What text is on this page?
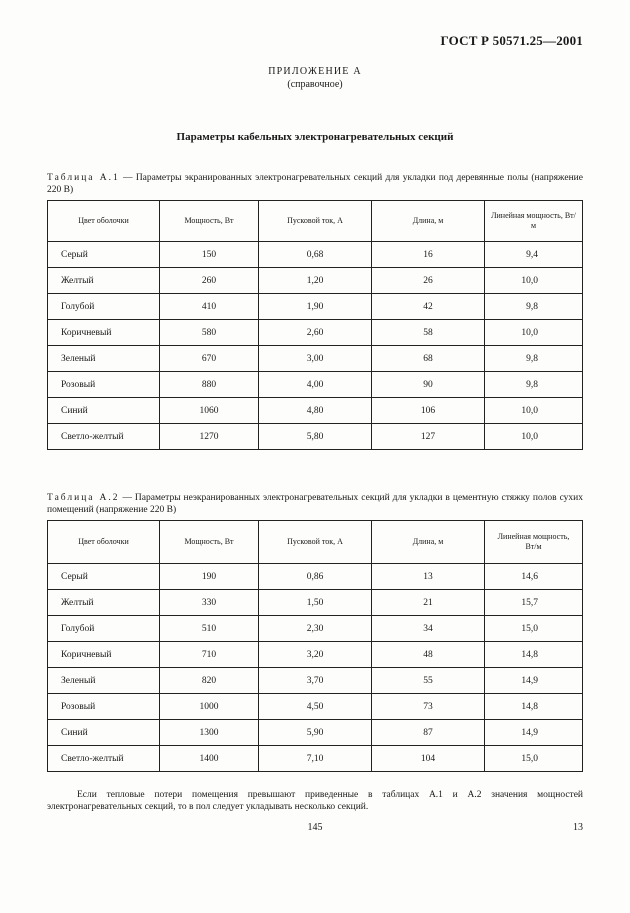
ГОСТ Р 50571.25—2001
ПРИЛОЖЕНИЕ А
(справочное)
Параметры кабельных электронагревательных секций
Таблица А.1 — Параметры экранированных электронагревательных секций для укладки под деревянные полы (напряжение 220 В)
Цвет оболочки	Мощность, Вт	Пусковой ток, А	Длина, м	Линейная мощность, Вт/м
Серый	150	0,68	16	9,4
Желтый	260	1,20	26	10,0
Голубой	410	1,90	42	9,8
Коричневый	580	2,60	58	10,0
Зеленый	670	3,00	68	9,8
Розовый	880	4,00	90	9,8
Синий	1060	4,80	106	10,0
Светло-желтый	1270	5,80	127	10,0
Таблица А.2 — Параметры неэкранированных электронагревательных секций для укладки в цементную стяжку полов сухих помещений (напряжение 220 В)
Цвет оболочки	Мощность, Вт	Пусковой ток, А	Длина, м	Линейная мощность, Вт/м
Серый	190	0,86	13	14,6
Желтый	330	1,50	21	15,7
Голубой	510	2,30	34	15,0
Коричневый	710	3,20	48	14,8
Зеленый	820	3,70	55	14,9
Розовый	1000	4,50	73	14,8
Синий	1300	5,90	87	14,9
Светло-желтый	1400	7,10	104	15,0
Если тепловые потери помещения превышают приведенные в таблицах А.1 и А.2 значения мощностей электронагревательных секций, то в пол следует укладывать несколько секций.
145	13
